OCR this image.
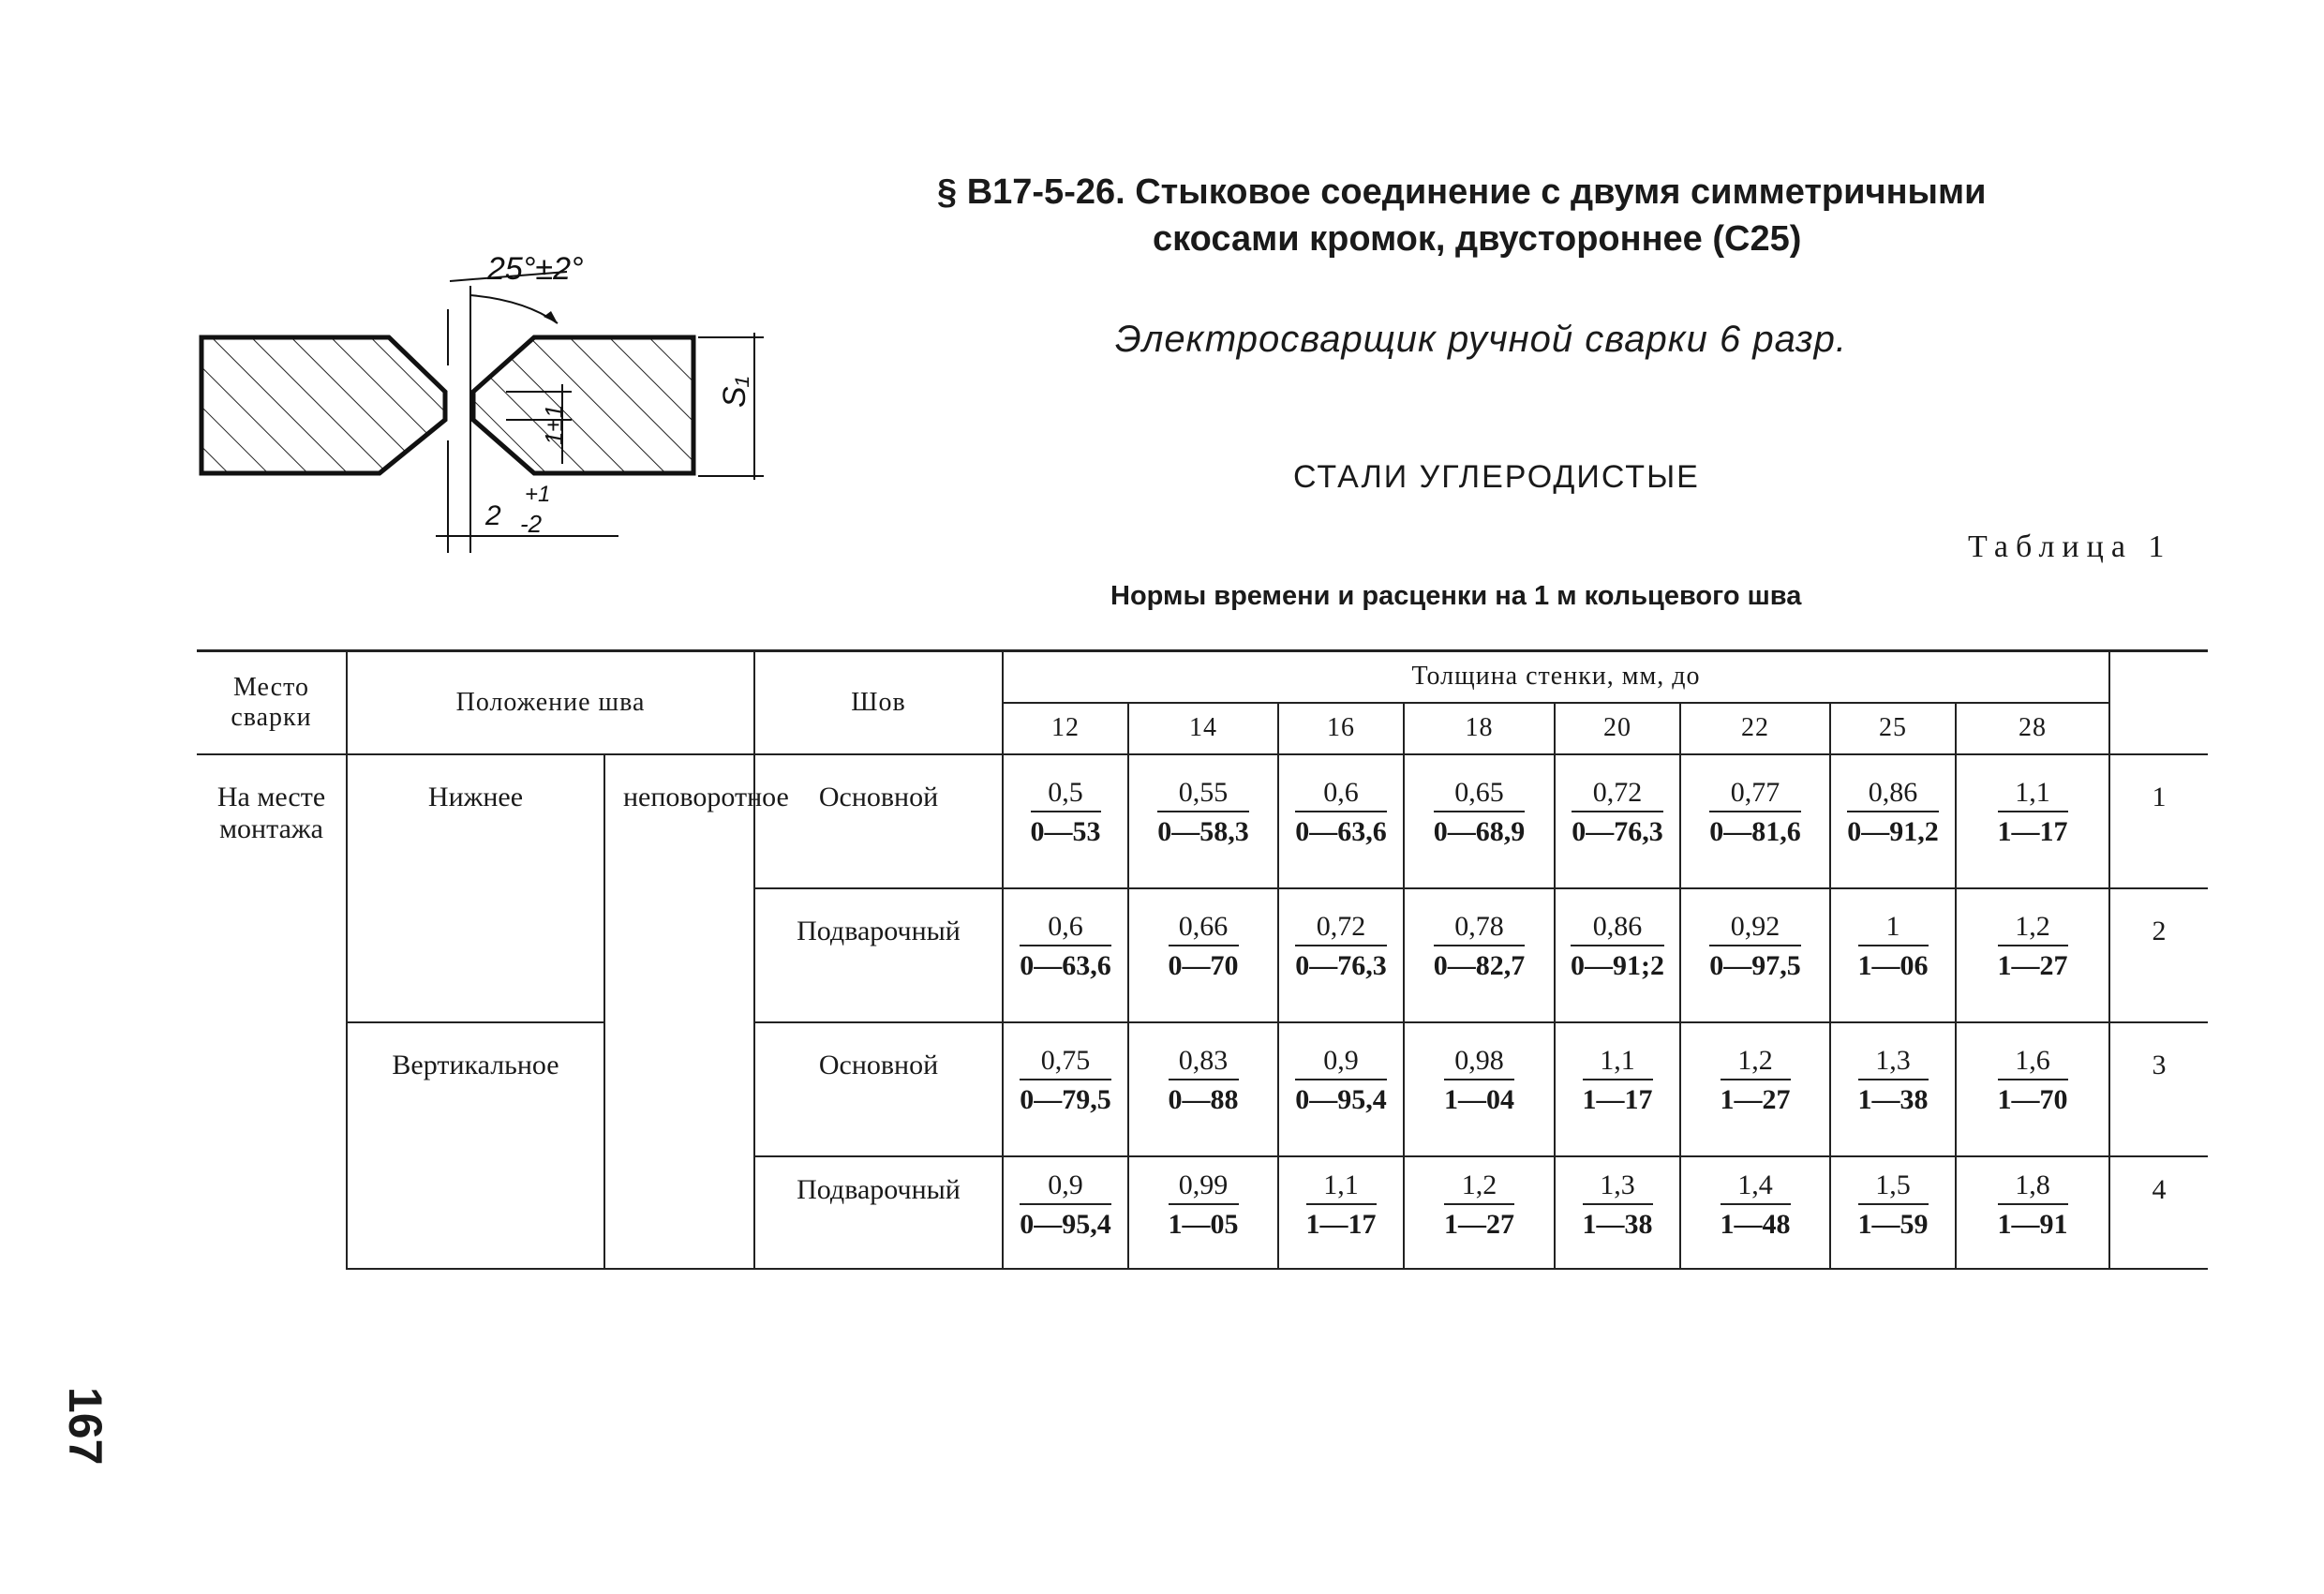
25°±2°
S₁
1±1
2
+1
-2
§ В17-5-26. Стыковое соединение с двумя симметричными
скосами кромок, двустороннее (С25)
Электросварщик ручной сварки 6 разр.
СТАЛИ УГЛЕРОДИСТЫЕ
Таблица 1
Нормы времени и расценки на 1 м кольцевого шва
Место сварки	Положение шва		Шов	Толщина стенки, мм, до								
				12	14	16	18	20	22	25	28	
На месте монтажа	Нижнее	неповоротное	Основной	$\frac{0,5}{0—53}$	$\frac{0,55}{0—58,3}$	$\frac{0,6}{0—63,6}$	$\frac{0,65}{0—68,9}$	$\frac{0,72}{0—76,3}$	$\frac{0,77}{0—81,6}$	$\frac{0,86}{0—91,2}$	$\frac{1,1}{1—17}$	1

			Подварочный	$\frac{0,6}{0—63,6}$	$\frac{0,66}{0—70}$	$\frac{0,72}{0—76,3}$	$\frac{0,78}{0—82,7}$	$\frac{0,86}{0—91;2}$	$\frac{0,92}{0—97,5}$	$\frac{1}{1—06}$	$\frac{1,2}{1—27}$	2

	Вертикальное		Основной	$\frac{0,75}{0—79,5}$	$\frac{0,83}{0—88}$	$\frac{0,9}{0—95,4}$	$\frac{0,98}{1—04}$	$\frac{1,1}{1—17}$	$\frac{1,2}{1—27}$	$\frac{1,3}{1—38}$	$\frac{1,6}{1—70}$	3

			Подварочный	$\frac{0,9}{0—95,4}$	$\frac{0,99}{1—05}$	$\frac{1,1}{1—17}$	$\frac{1,2}{1—27}$	$\frac{1,3}{1—38}$	$\frac{1,4}{1—48}$	$\frac{1,5}{1—59}$	$\frac{1,8}{1—91}$	4
167
